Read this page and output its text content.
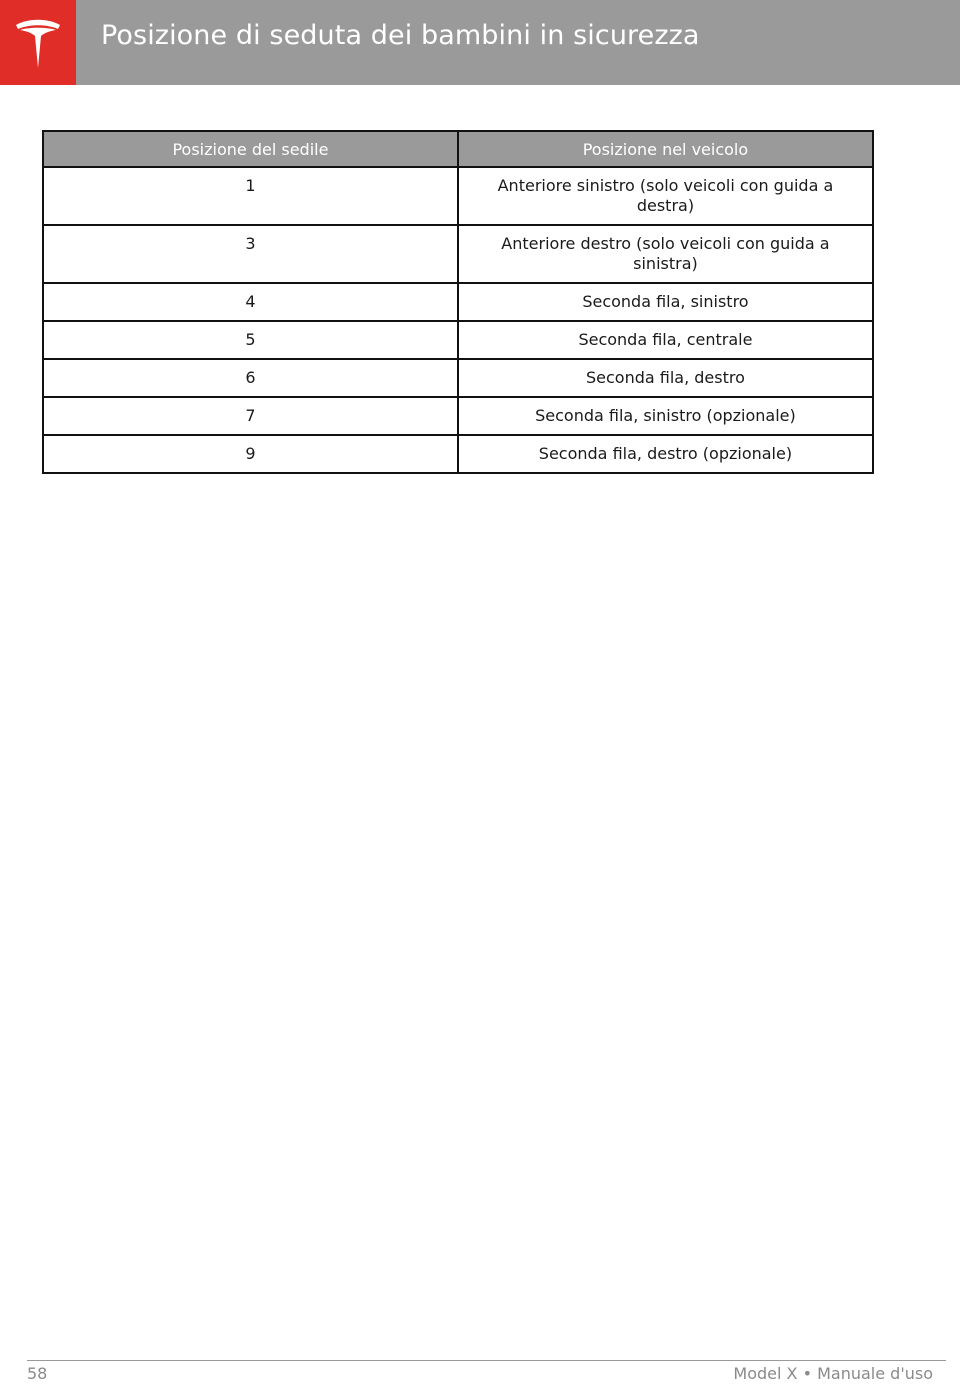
Posizione di seduta dei bambini in sicurezza
Posizione del sedile	Posizione nel veicolo
1	Anteriore sinistro (solo veicoli con guida a destra)
3	Anteriore destro (solo veicoli con guida a sinistra)
4	Seconda fila, sinistro
5	Seconda fila, centrale
6	Seconda fila, destro
7	Seconda fila, sinistro (opzionale)
9	Seconda fila, destro (opzionale)
58	Model X • Manuale d'uso
